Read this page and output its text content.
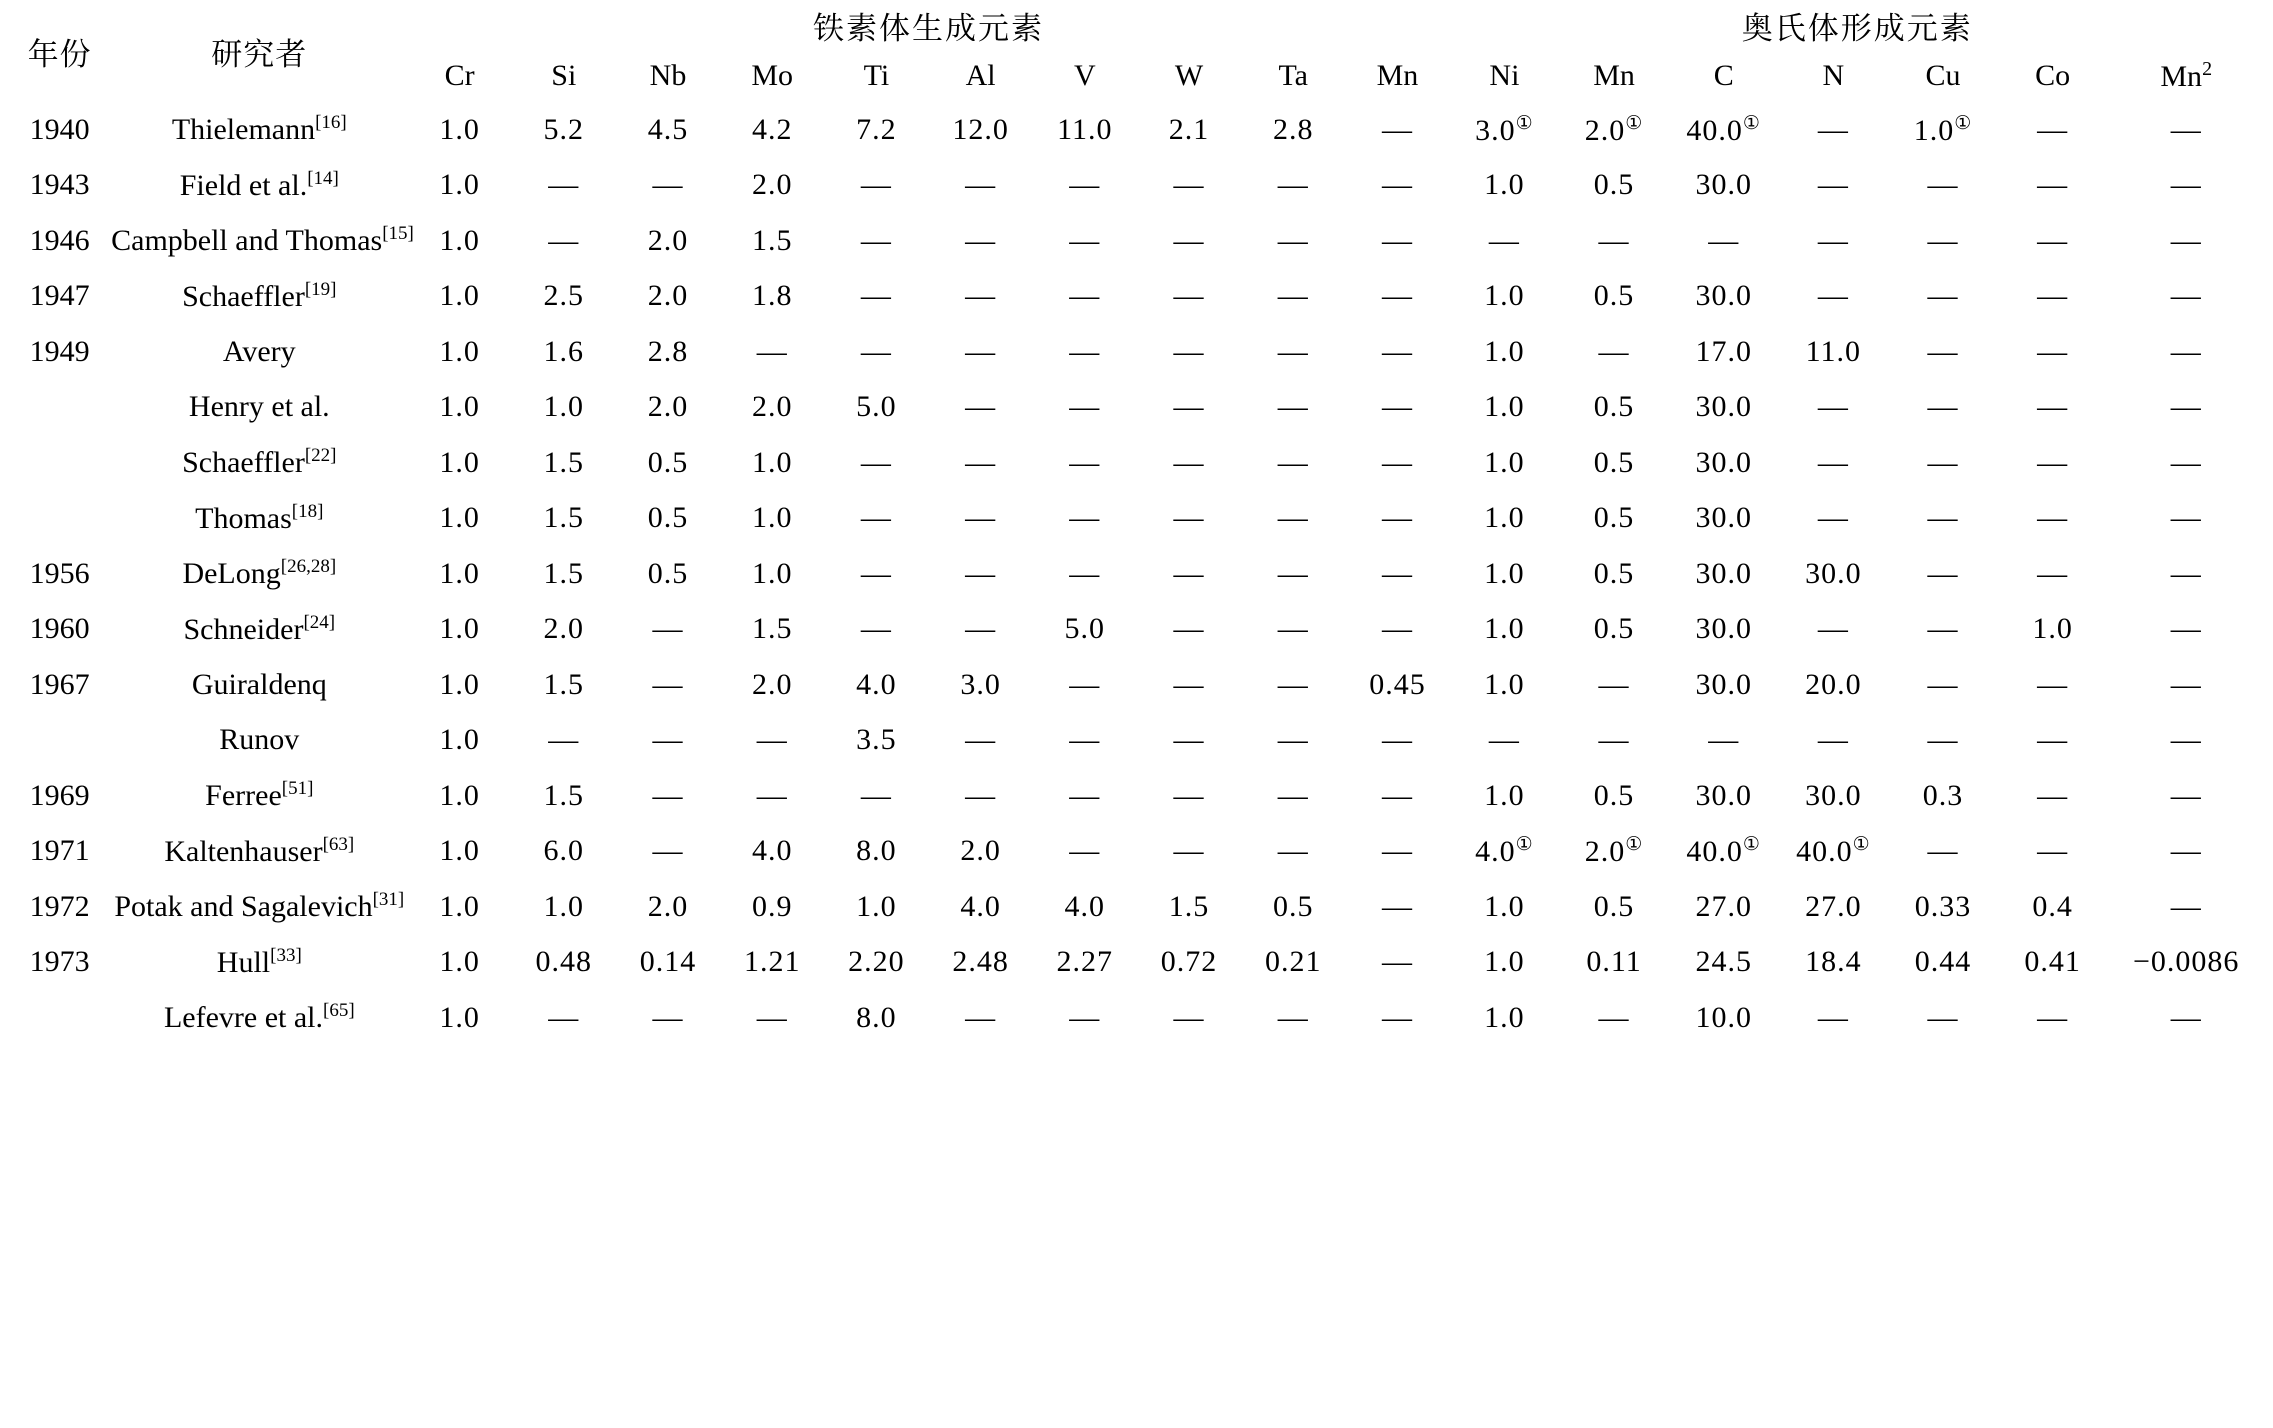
年份	研究者	铁素体生成元素										奥氏体形成元素						
		Cr	Si	Nb	Mo	Ti	Al	V	W	Ta	Mn	Ni	Mn	C	N	Cu	Co	Mn$^2$
1940	Thielemann[16]	1.0	5.2	4.5	4.2	7.2	12.0	11.0	2.1	2.8	—	3.0①	2.0①	40.0①	—	1.0①	—	—
1943	Field et al.[14]	1.0	—	—	2.0	—	—	—	—	—	—	1.0	0.5	30.0	—	—	—	—
1946	Campbell and Thomas[15]	1.0	—	2.0	1.5	—	—	—	—	—	—	—	—	—	—	—	—	—
1947	Schaeffler[19]	1.0	2.5	2.0	1.8	—	—	—	—	—	—	1.0	0.5	30.0	—	—	—	—
1949	Avery	1.0	1.6	2.8	—	—	—	—	—	—	—	1.0	—	17.0	11.0	—	—	—
	Henry et al.	1.0	1.0	2.0	2.0	5.0	—	—	—	—	—	1.0	0.5	30.0	—	—	—	—
	Schaeffler[22]	1.0	1.5	0.5	1.0	—	—	—	—	—	—	1.0	0.5	30.0	—	—	—	—
	Thomas[18]	1.0	1.5	0.5	1.0	—	—	—	—	—	—	1.0	0.5	30.0	—	—	—	—
1956	DeLong[26,28]	1.0	1.5	0.5	1.0	—	—	—	—	—	—	1.0	0.5	30.0	30.0	—	—	—
1960	Schneider[24]	1.0	2.0	—	1.5	—	—	5.0	—	—	—	1.0	0.5	30.0	—	—	1.0	—
1967	Guiraldenq	1.0	1.5	—	2.0	4.0	3.0	—	—	—	0.45	1.0	—	30.0	20.0	—	—	—
	Runov	1.0	—	—	—	3.5	—	—	—	—	—	—	—	—	—	—	—	—
1969	Ferree[51]	1.0	1.5	—	—	—	—	—	—	—	—	1.0	0.5	30.0	30.0	0.3	—	—
1971	Kaltenhauser[63]	1.0	6.0	—	4.0	8.0	2.0	—	—	—	—	4.0①	2.0①	40.0①	40.0①	—	—	—
1972	Potak and Sagalevich[31]	1.0	1.0	2.0	0.9	1.0	4.0	4.0	1.5	0.5	—	1.0	0.5	27.0	27.0	0.33	0.4	—
1973	Hull[33]	1.0	0.48	0.14	1.21	2.20	2.48	2.27	0.72	0.21	—	1.0	0.11	24.5	18.4	0.44	0.41	−0.0086
	Lefevre et al.[65]	1.0	—	—	—	8.0	—	—	—	—	—	1.0	—	10.0	—	—	—	—
